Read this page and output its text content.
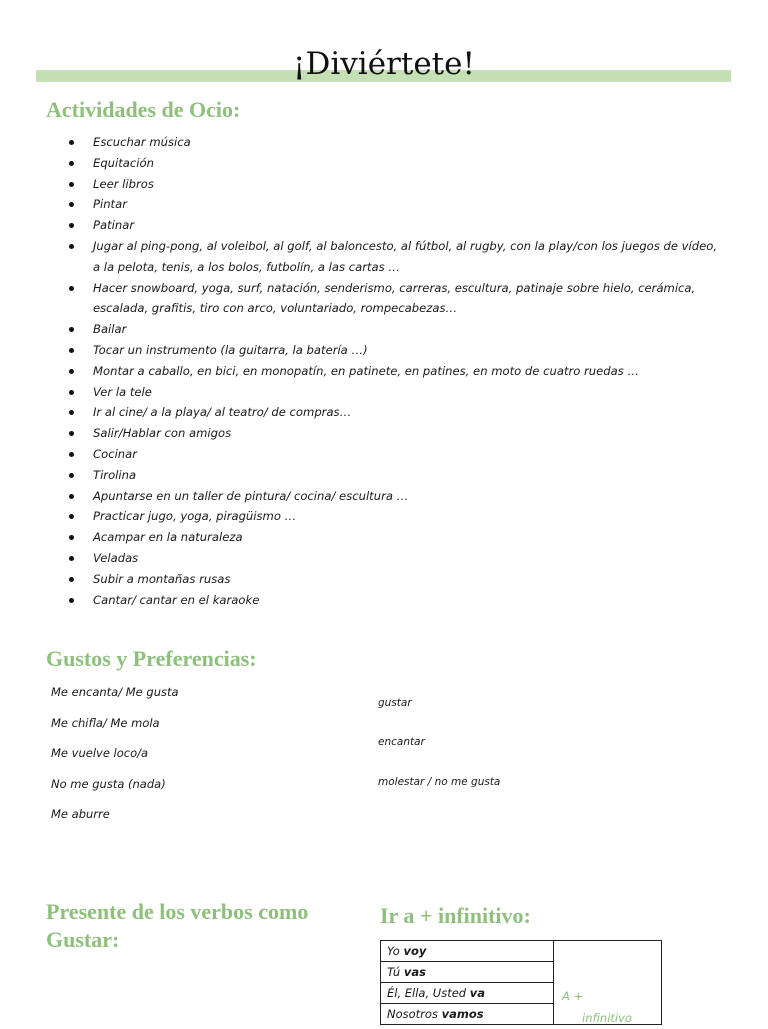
¡Diviértete!
Actividades de Ocio:
Escuchar música
Equitación
Leer libros
Pintar
Patinar
Jugar al ping-pong, al voleibol, al golf, al baloncesto, al fútbol, al rugby, con la play/con los juegos de vídeo, a la pelota, tenis, a los bolos, futbolín, a las cartas …
Hacer snowboard, yoga, surf, natación, senderismo, carreras, escultura, patinaje sobre hielo, cerámica, escalada, grafitis, tiro con arco, voluntariado, rompecabezas…
Bailar
Tocar un instrumento (la guitarra, la batería …)
Montar a caballo, en bici, en monopatín, en patinete, en patines, en moto de cuatro ruedas …
Ver la tele
Ir al cine/ a la playa/ al teatro/ de compras…
Salir/Hablar con amigos
Cocinar
Tirolina
Apuntarse en un taller de pintura/ cocina/ escultura …
Practicar jugo, yoga, piragüismo …
Acampar en la naturaleza
Veladas
Subir a montañas rusas
Cantar/ cantar en el karaoke
Gustos y Preferencias:
Me encanta/ Me gusta
Me chifla/ Me mola
Me vuelve loco/a
No me gusta (nada)
Me aburre
gustar
encantar
molestar / no me gusta
Presente de los verbos como
Gustar:
Ir a + infinitivo:
Yo voy	
A +
infinitivo

Tú vas
Él, Ella, Usted va
Nosotros vamos
